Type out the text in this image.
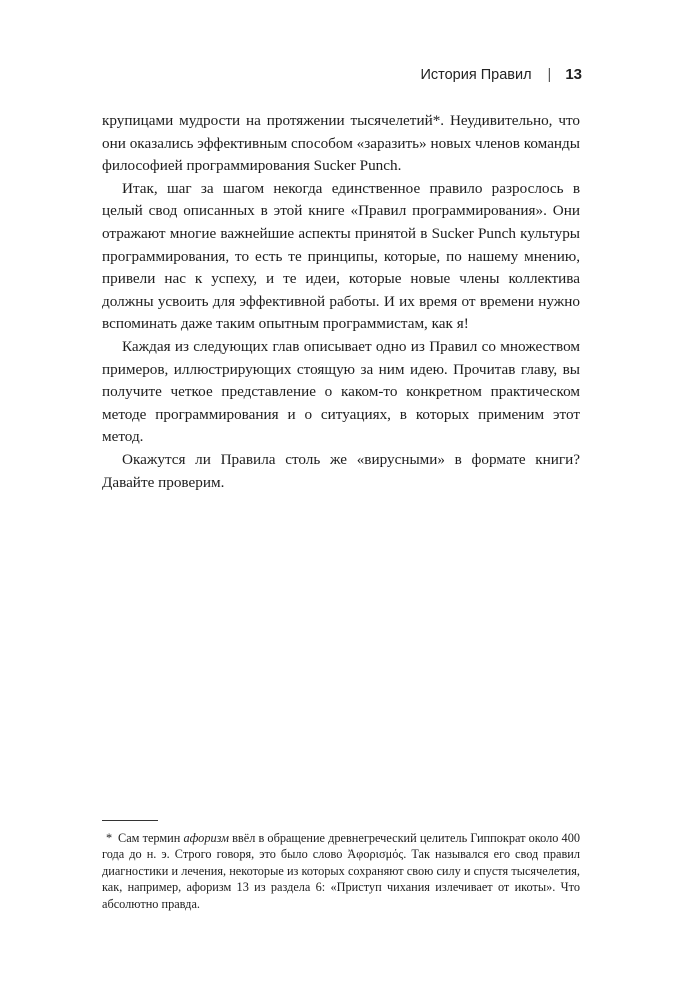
История Правил | 13

крупицами мудрости на протяжении тысячелетий*. Неудивительно, что они оказались эффективным способом «заразить» новых членов команды философией программирования Sucker Punch.

Итак, шаг за шагом некогда единственное правило разрослось в целый свод описанных в этой книге «Правил программирования». Они отражают многие важнейшие аспекты принятой в Sucker Punch культуры программирования, то есть те принципы, которые, по нашему мнению, привели нас к успеху, и те идеи, которые новые члены коллектива должны усвоить для эффективной работы. И их время от времени нужно вспоминать даже таким опытным программистам, как я!

Каждая из следующих глав описывает одно из Правил со множеством примеров, иллюстрирующих стоящую за ним идею. Прочитав главу, вы получите четкое представление о каком-то конкретном практическом методе программирования и о ситуациях, в которых применим этот метод.

Окажутся ли Правила столь же «вирусными» в формате книги? Давайте проверим.

* Сам термин афоризм ввёл в обращение древнегреческий целитель Гиппократ около 400 года до н. э. Строго говоря, это было слово Ἀφορισμός. Так назывался его свод правил диагностики и лечения, некоторые из которых сохраняют свою силу и спустя тысячелетия, как, например, афоризм 13 из раздела 6: «Приступ чихания излечивает от икоты». Что абсолютно правда.
